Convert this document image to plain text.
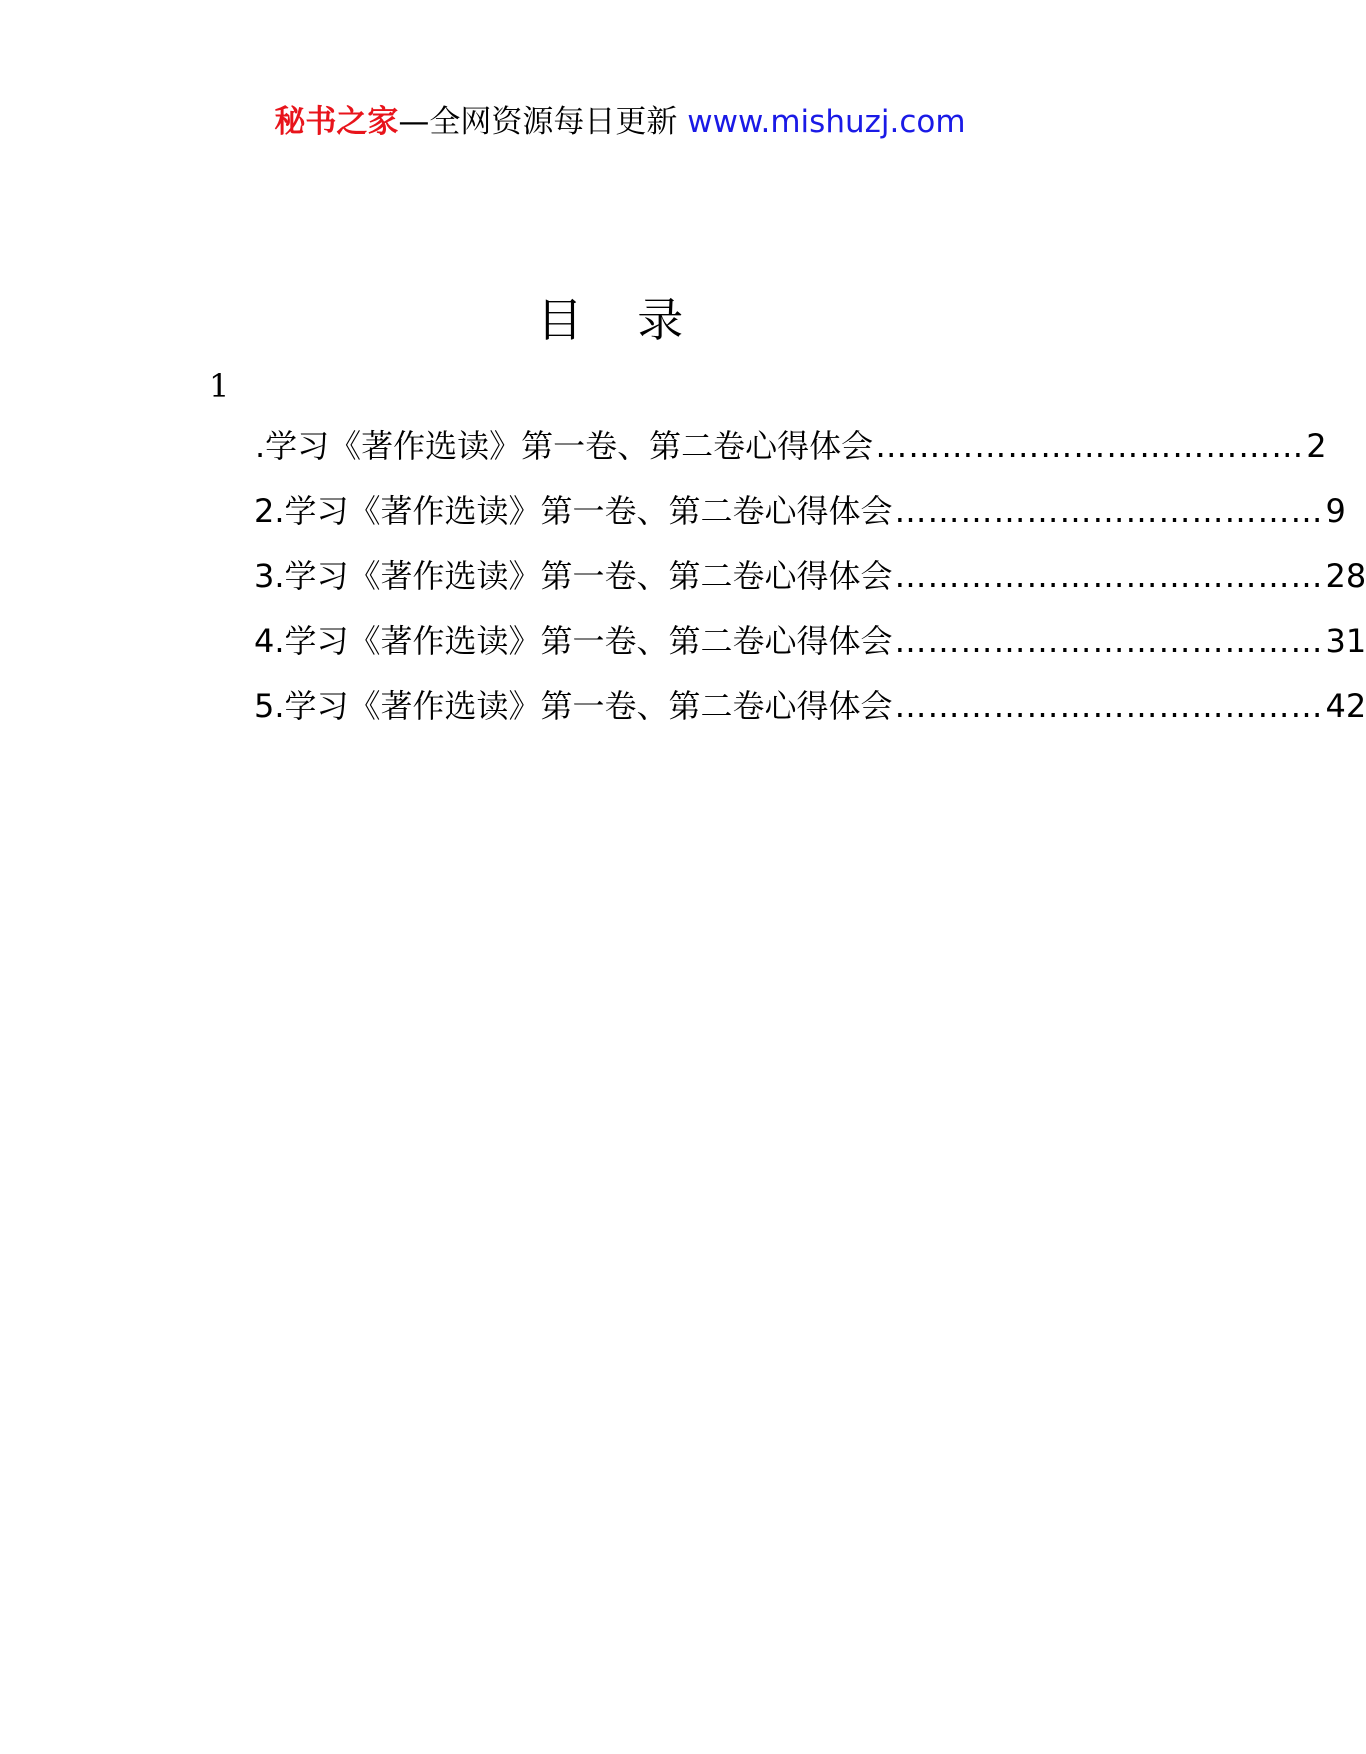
秘书之家—全网资源每日更新 www.mishuzj.com
目 录
1
.学习《著作选读》第一卷、第二卷心得体会 ………………………………… 2
2.学习《著作选读》第一卷、第二卷心得体会 ………………………………… 9
3.学习《著作选读》第一卷、第二卷心得体会 ………………………………… 28
4.学习《著作选读》第一卷、第二卷心得体会 ………………………………… 31
5.学习《著作选读》第一卷、第二卷心得体会 ………………………………… 42
